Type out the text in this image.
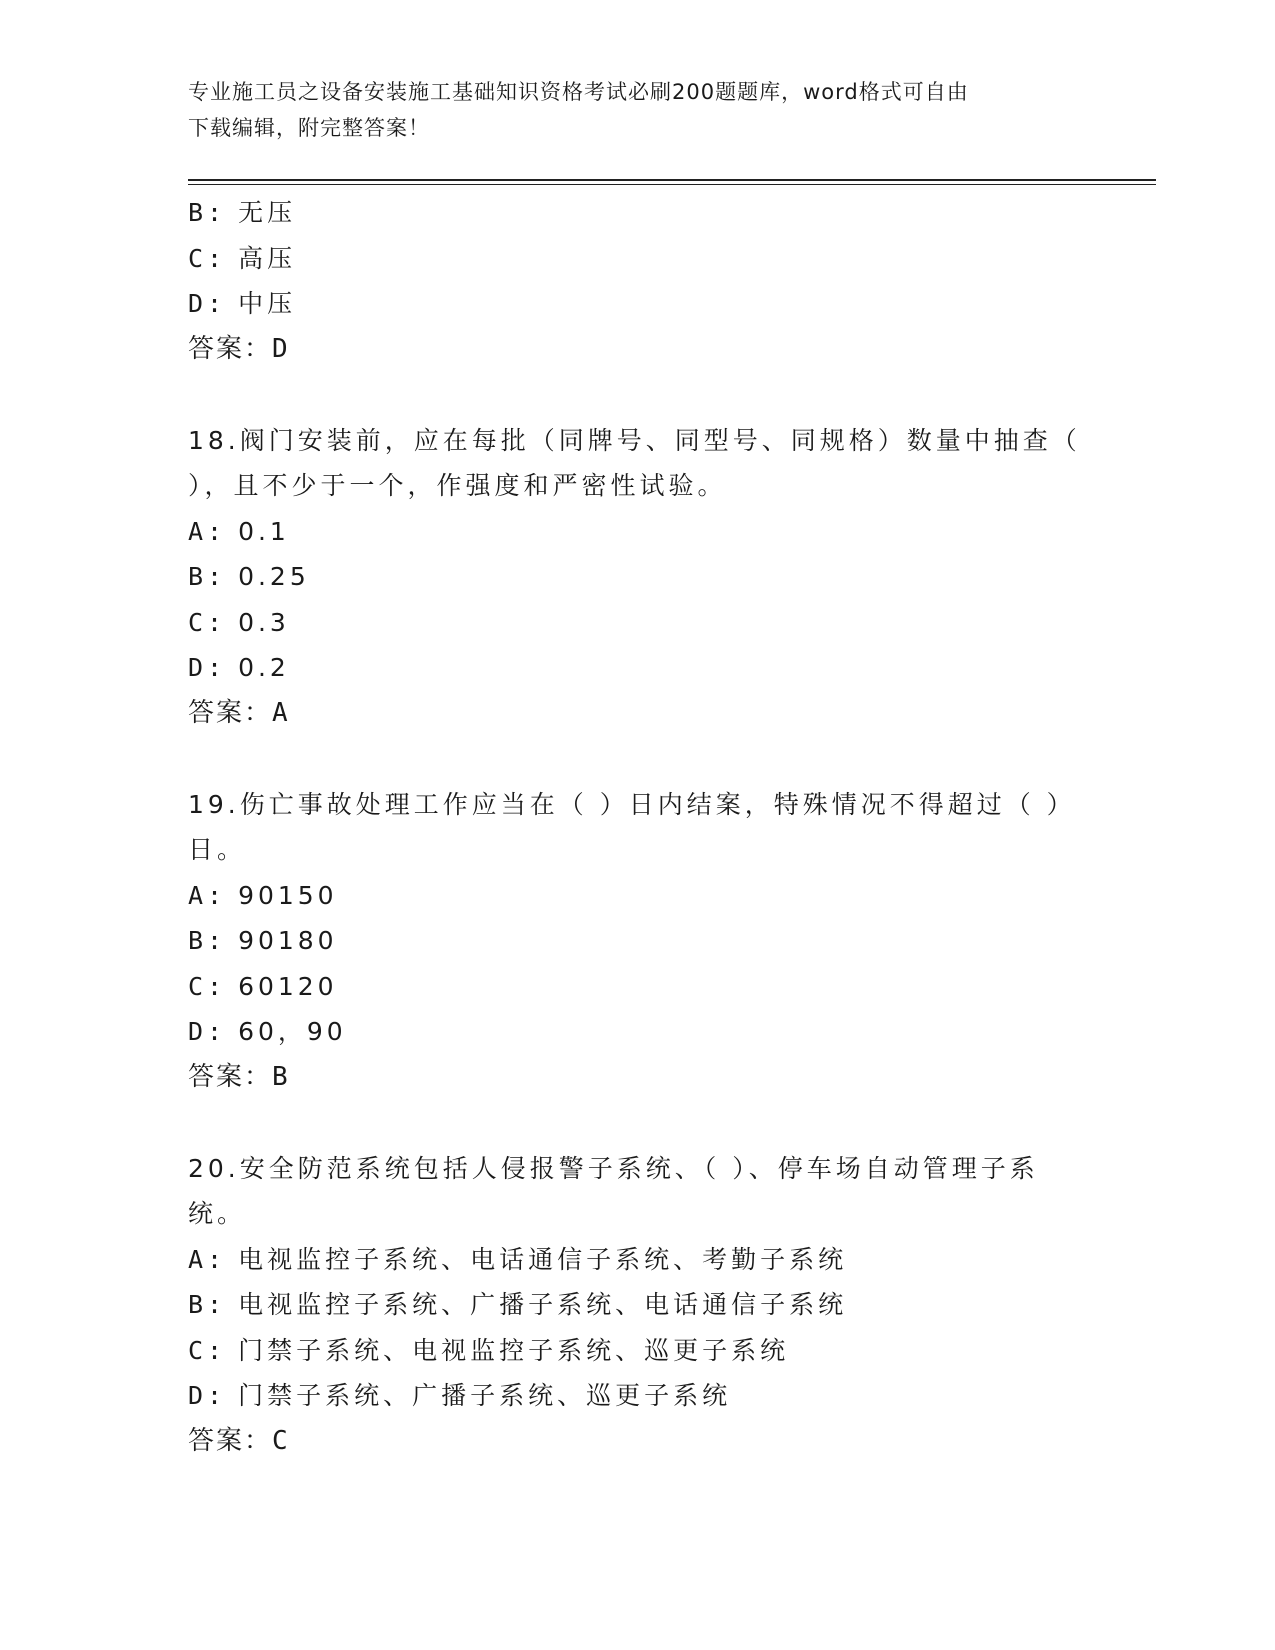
专业施工员之设备安装施工基础知识资格考试必刷200题题库，word格式可自由
下载编辑，附完整答案！
B: 无压
C: 高压
D: 中压
答案：D
18.阀门安装前，应在每批（同牌号、同型号、同规格）数量中抽查（
），且不少于一个，作强度和严密性试验。
A: 0.1
B: 0.25
C: 0.3
D: 0.2
答案：A
19.伤亡事故处理工作应当在（ ）日内结案，特殊情况不得超过（ ）
日。
A: 90150
B: 90180
C: 60120
D: 60，90
答案：B
20.安全防范系统包括人侵报警子系统、（ ）、停车场自动管理子系
统。
A: 电视监控子系统、电话通信子系统、考勤子系统
B: 电视监控子系统、广播子系统、电话通信子系统
C: 门禁子系统、电视监控子系统、巡更子系统
D: 门禁子系统、广播子系统、巡更子系统
答案：C
